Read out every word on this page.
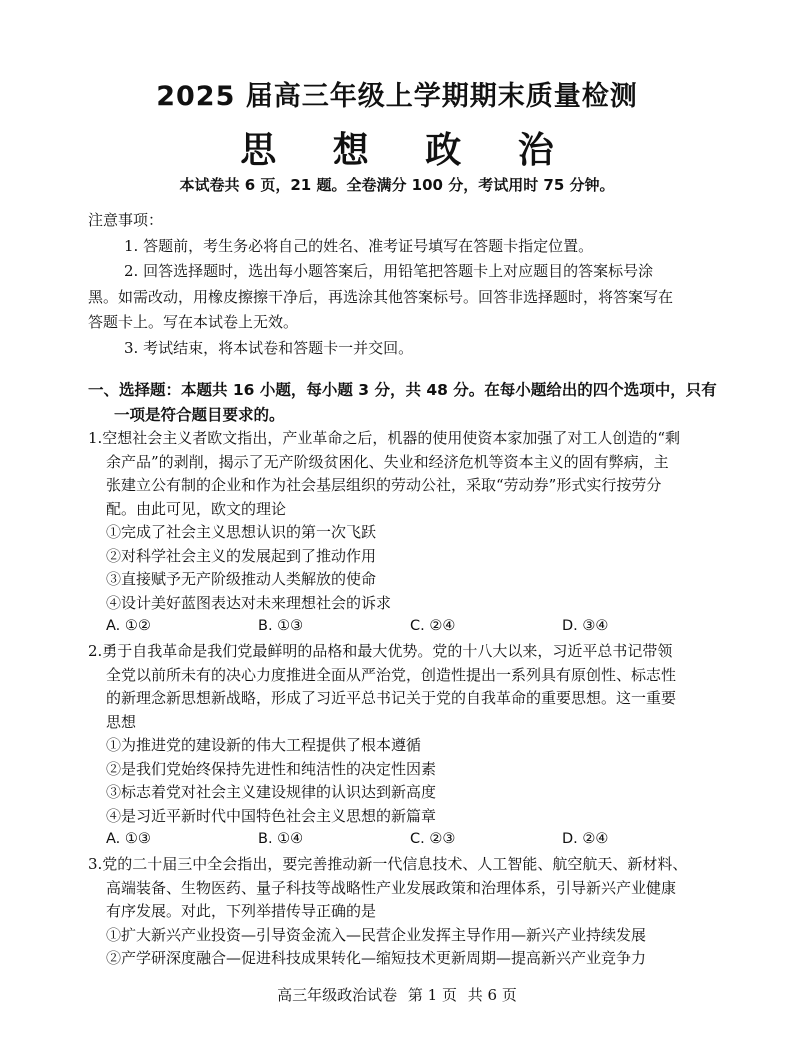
2025 届高三年级上学期期末质量检测
思 想 政 治
本试卷共 6 页，21 题。全卷满分 100 分，考试用时 75 分钟。
注意事项：
1. 答题前，考生务必将自己的姓名、准考证号填写在答题卡指定位置。
2. 回答选择题时，选出每小题答案后，用铅笔把答题卡上对应题目的答案标号涂
黑。如需改动，用橡皮擦擦干净后，再选涂其他答案标号。回答非选择题时，将答案写在
答题卡上。写在本试卷上无效。
3. 考试结束，将本试卷和答题卡一并交回。
一、选择题：本题共 16 小题，每小题 3 分，共 48 分。在每小题给出的四个选项中，只有
一项是符合题目要求的。
1.空想社会主义者欧文指出，产业革命之后，机器的使用使资本家加强了对工人创造的“剩
余产品”的剥削，揭示了无产阶级贫困化、失业和经济危机等资本主义的固有弊病，主
张建立公有制的企业和作为社会基层组织的劳动公社，采取“劳动券”形式实行按劳分
配。由此可见，欧文的理论
①完成了社会主义思想认识的第一次飞跃
②对科学社会主义的发展起到了推动作用
③直接赋予无产阶级推动人类解放的使命
④设计美好蓝图表达对未来理想社会的诉求
A. ①②	B. ①③	C. ②④	D. ③④
2.勇于自我革命是我们党最鲜明的品格和最大优势。党的十八大以来，习近平总书记带领
全党以前所未有的决心力度推进全面从严治党，创造性提出一系列具有原创性、标志性
的新理念新思想新战略，形成了习近平总书记关于党的自我革命的重要思想。这一重要
思想
①为推进党的建设新的伟大工程提供了根本遵循
②是我们党始终保持先进性和纯洁性的决定性因素
③标志着党对社会主义建设规律的认识达到新高度
④是习近平新时代中国特色社会主义思想的新篇章
A. ①③	B. ①④	C. ②③	D. ②④
3.党的二十届三中全会指出，要完善推动新一代信息技术、人工智能、航空航天、新材料、
高端装备、生物医药、量子科技等战略性产业发展政策和治理体系，引导新兴产业健康
有序发展。对此，下列举措传导正确的是
①扩大新兴产业投资—引导资金流入—民营企业发挥主导作用—新兴产业持续发展
②产学研深度融合—促进科技成果转化—缩短技术更新周期—提高新兴产业竞争力
高三年级政治试卷 第 1 页 共 6 页
